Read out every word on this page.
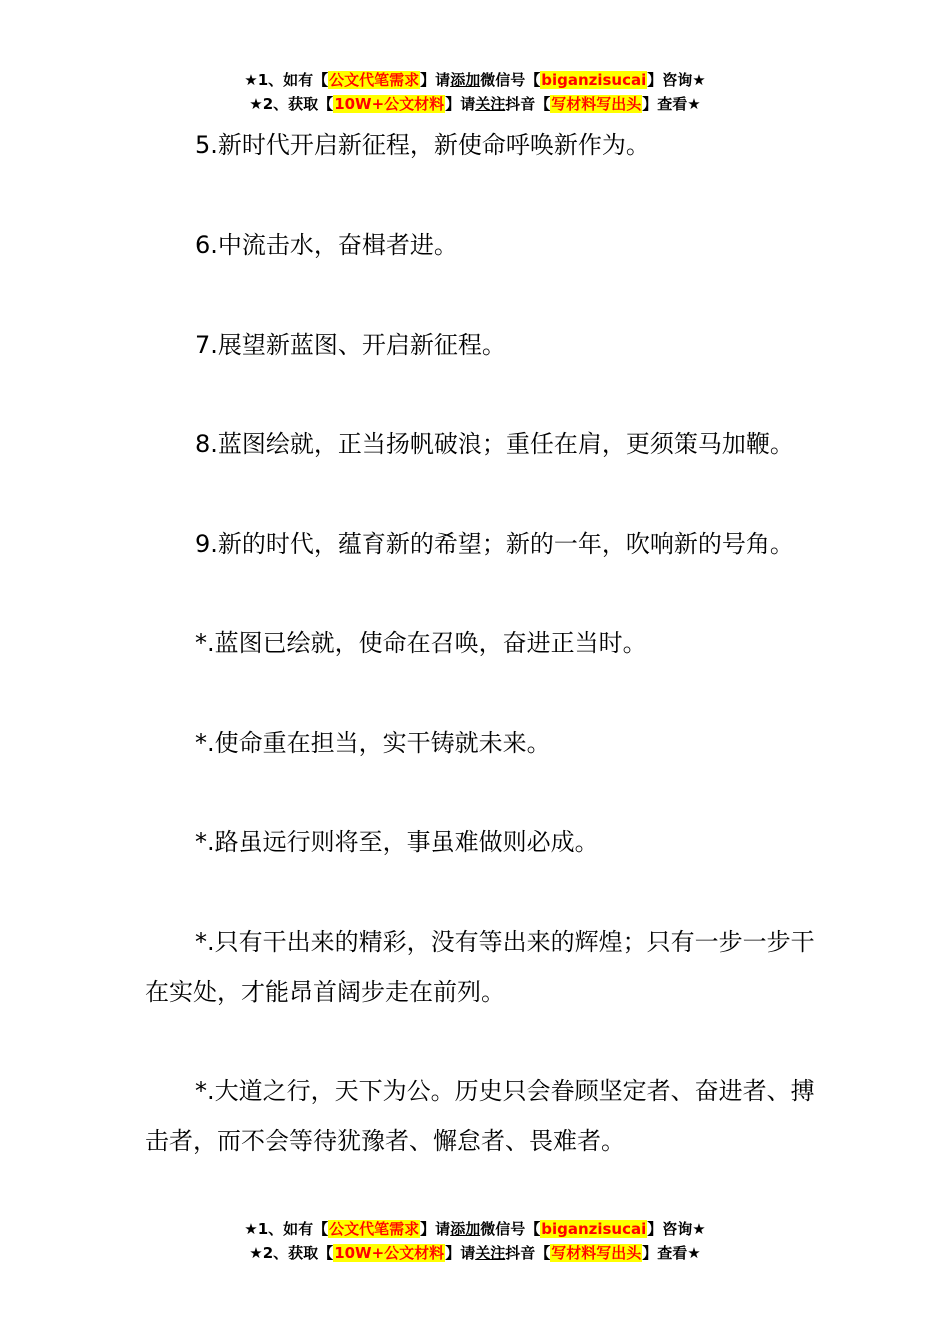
★1、如有【公文代笔需求】请添加微信号【biganzisucai】咨询★
★2、获取【10W+公文材料】请关注抖音【写材料写出头】查看★

5.新时代开启新征程，新使命呼唤新作为。

6.中流击水，奋楫者进。

7.展望新蓝图、开启新征程。

8.蓝图绘就，正当扬帆破浪；重任在肩，更须策马加鞭。

9.新的时代，蕴育新的希望；新的一年，吹响新的号角。

*.蓝图已绘就，使命在召唤，奋进正当时。

*.使命重在担当，实干铸就未来。

*.路虽远行则将至，事虽难做则必成。

*.只有干出来的精彩，没有等出来的辉煌；只有一步一步干在实处，才能昂首阔步走在前列。

*.大道之行，天下为公。历史只会眷顾坚定者、奋进者、搏击者，而不会等待犹豫者、懈怠者、畏难者。

★1、如有【公文代笔需求】请添加微信号【biganzisucai】咨询★
★2、获取【10W+公文材料】请关注抖音【写材料写出头】查看★
